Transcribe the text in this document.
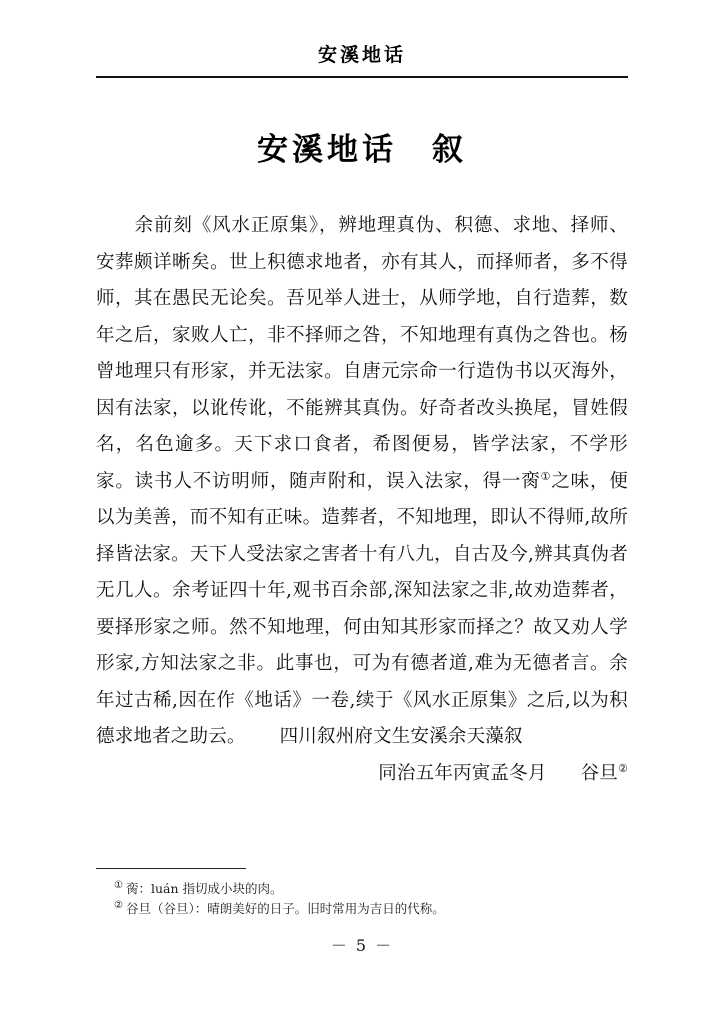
安溪地话
安溪地话　叙

余前刻《风水正原集》，辨地理真伪、积德、求地、择师、安葬颇详晰矣。世上积德求地者，亦有其人，而择师者，多不得师，其在愚民无论矣。吾见举人进士，从师学地，自行造葬，数年之后，家败人亡，非不择师之咎，不知地理有真伪之咎也。杨曾地理只有形家，并无法家。自唐元宗命一行造伪书以灭海外，因有法家，以讹传讹，不能辨其真伪。好奇者改头换尾，冒姓假名，名色逾多。天下求口食者，希图便易，皆学法家，不学形家。读书人不访明师，随声附和，误入法家，得一脔①之味，便以为美善，而不知有正味。造葬者，不知地理，即认不得师,故所择皆法家。天下人受法家之害者十有八九，自古及今,辨其真伪者无几人。余考证四十年,观书百余部,深知法家之非,故劝造葬者，要择形家之师。然不知地理，何由知其形家而择之？故又劝人学形家,方知法家之非。此事也，可为有德者道,难为无德者言。余年过古稀,因在作《地话》一卷,续于《风水正原集》之后,以为积德求地者之助云。 四川叙州府文生安溪余天藻叙

同治五年丙寅孟冬月 谷旦②

① 脔：luán 指切成小块的肉。
② 谷旦（谷旦）：晴朗美好的日子。旧时常用为吉日的代称。
－ 5 －
